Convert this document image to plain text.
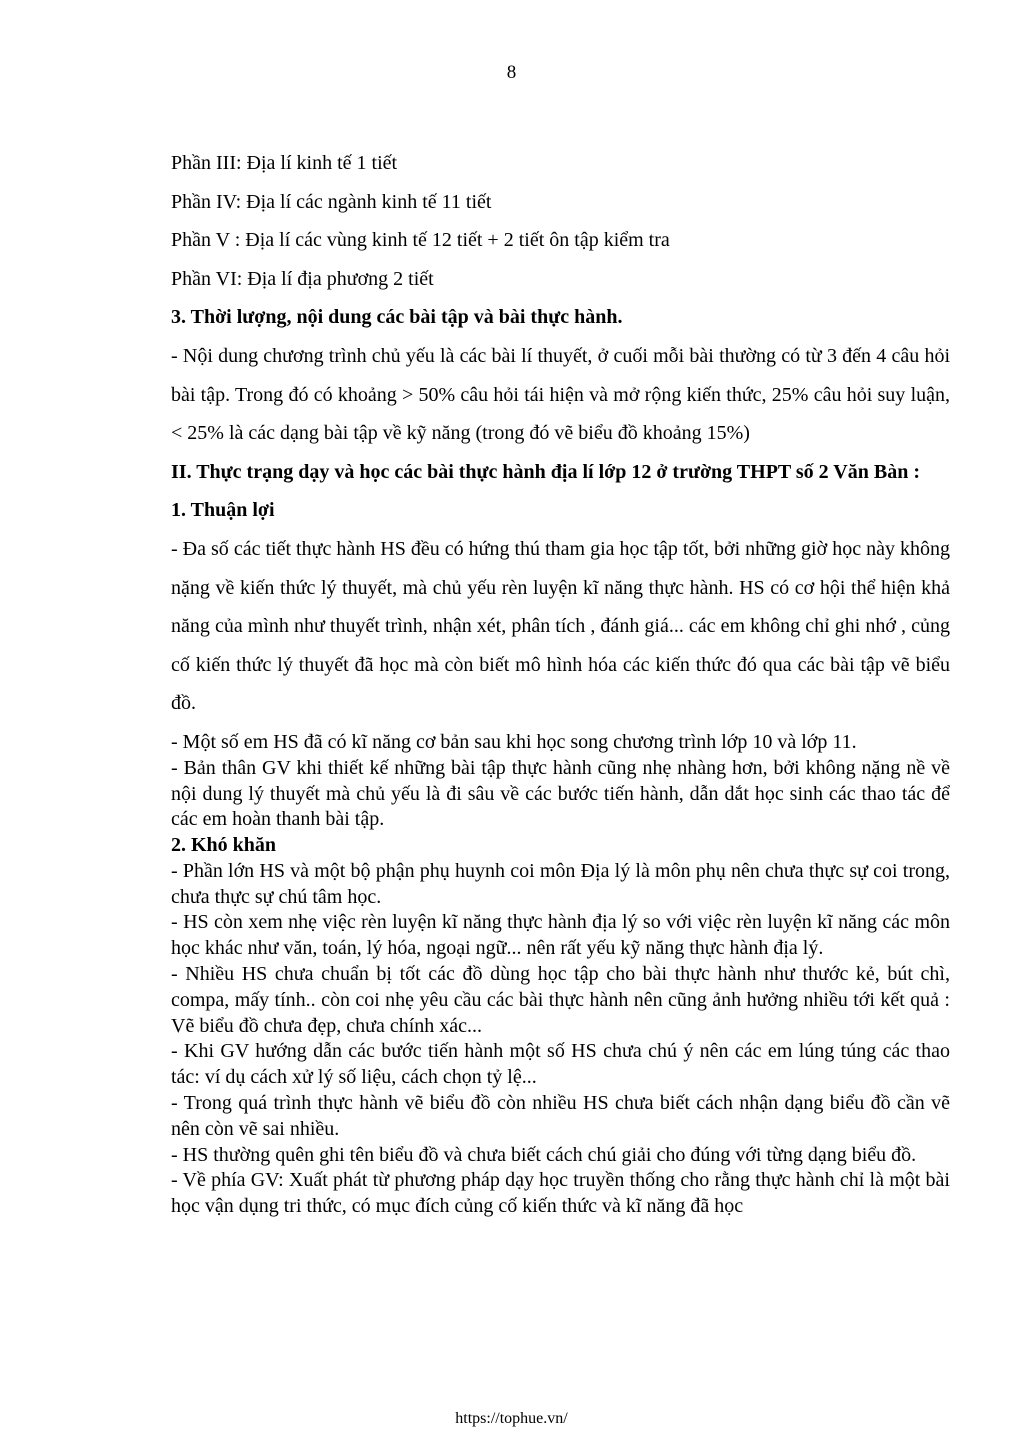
8

Phần III: Địa lí kinh tế 1 tiết

Phần IV: Địa lí các ngành kinh tế 11 tiết

Phần V : Địa lí các vùng kinh tế 12 tiết + 2 tiết ôn tập kiểm tra

Phần VI: Địa lí địa phương 2 tiết

3. Thời lượng, nội dung các bài tập và bài thực hành.

- Nội dung chương trình chủ yếu là các bài lí thuyết, ở cuối mỗi bài thường có từ 3 đến 4 câu hỏi bài tập. Trong đó có khoảng > 50% câu hỏi tái hiện và mở rộng kiến thức, 25% câu hỏi suy luận, < 25% là các dạng bài tập về kỹ năng (trong đó vẽ biểu đồ khoảng 15%)

II. Thực trạng dạy và học các bài thực hành địa lí lớp 12 ở trường THPT số 2 Văn Bàn :

1. Thuận lợi

- Đa số các tiết thực hành HS đều có hứng thú tham gia học tập tốt, bởi những giờ học này không nặng về kiến thức lý thuyết, mà chủ yếu rèn luyện kĩ năng thực hành. HS có cơ hội thể hiện khả năng của mình như thuyết trình, nhận xét, phân tích , đánh giá... các em không chỉ ghi nhớ , củng cố kiến thức lý thuyết đã học mà còn biết mô hình hóa các kiến thức đó qua các bài tập vẽ biểu đồ.

- Một số em HS đã có kĩ năng cơ bản sau khi học song chương trình lớp 10 và lớp 11.

- Bản thân GV khi thiết kế những bài tập thực hành cũng nhẹ nhàng hơn, bởi không nặng nề về nội dung lý thuyết mà chủ yếu là đi sâu về các bước tiến hành, dẫn dắt học sinh các thao tác để các em hoàn thanh bài tập.

2. Khó khăn

- Phần lớn HS và một bộ phận phụ huynh coi môn Địa lý là môn phụ nên chưa thực sự coi trong, chưa thực sự chú tâm học.

- HS còn xem nhẹ việc rèn luyện kĩ năng thực hành địa lý so với việc rèn luyện kĩ năng các môn học khác như văn, toán, lý hóa, ngoại ngữ... nên rất yếu kỹ năng thực hành địa lý.

- Nhiều HS chưa chuẩn bị tốt các đồ dùng học tập cho bài thực hành như thước kẻ, bút chì, compa, mấy tính.. còn coi nhẹ yêu cầu các bài thực hành nên cũng ảnh hưởng nhiều tới kết quả : Vẽ biểu đồ chưa đẹp, chưa chính xác...

- Khi GV hướng dẫn các bước tiến hành một số HS chưa chú ý nên các em lúng túng các thao tác: ví dụ cách xử lý số liệu, cách chọn tỷ lệ...

- Trong quá trình thực hành vẽ biểu đồ còn nhiều HS chưa biết cách nhận dạng biểu đồ cần vẽ nên còn vẽ sai nhiều.

- HS thường quên ghi tên biểu đồ và chưa biết cách chú giải cho đúng với từng dạng biểu đồ.

- Về phía GV: Xuất phát từ phương pháp dạy học truyền thống cho rằng thực hành chỉ là một bài học vận dụng tri thức, có mục đích củng cố kiến thức và kĩ năng đã học

https://tophue.vn/
